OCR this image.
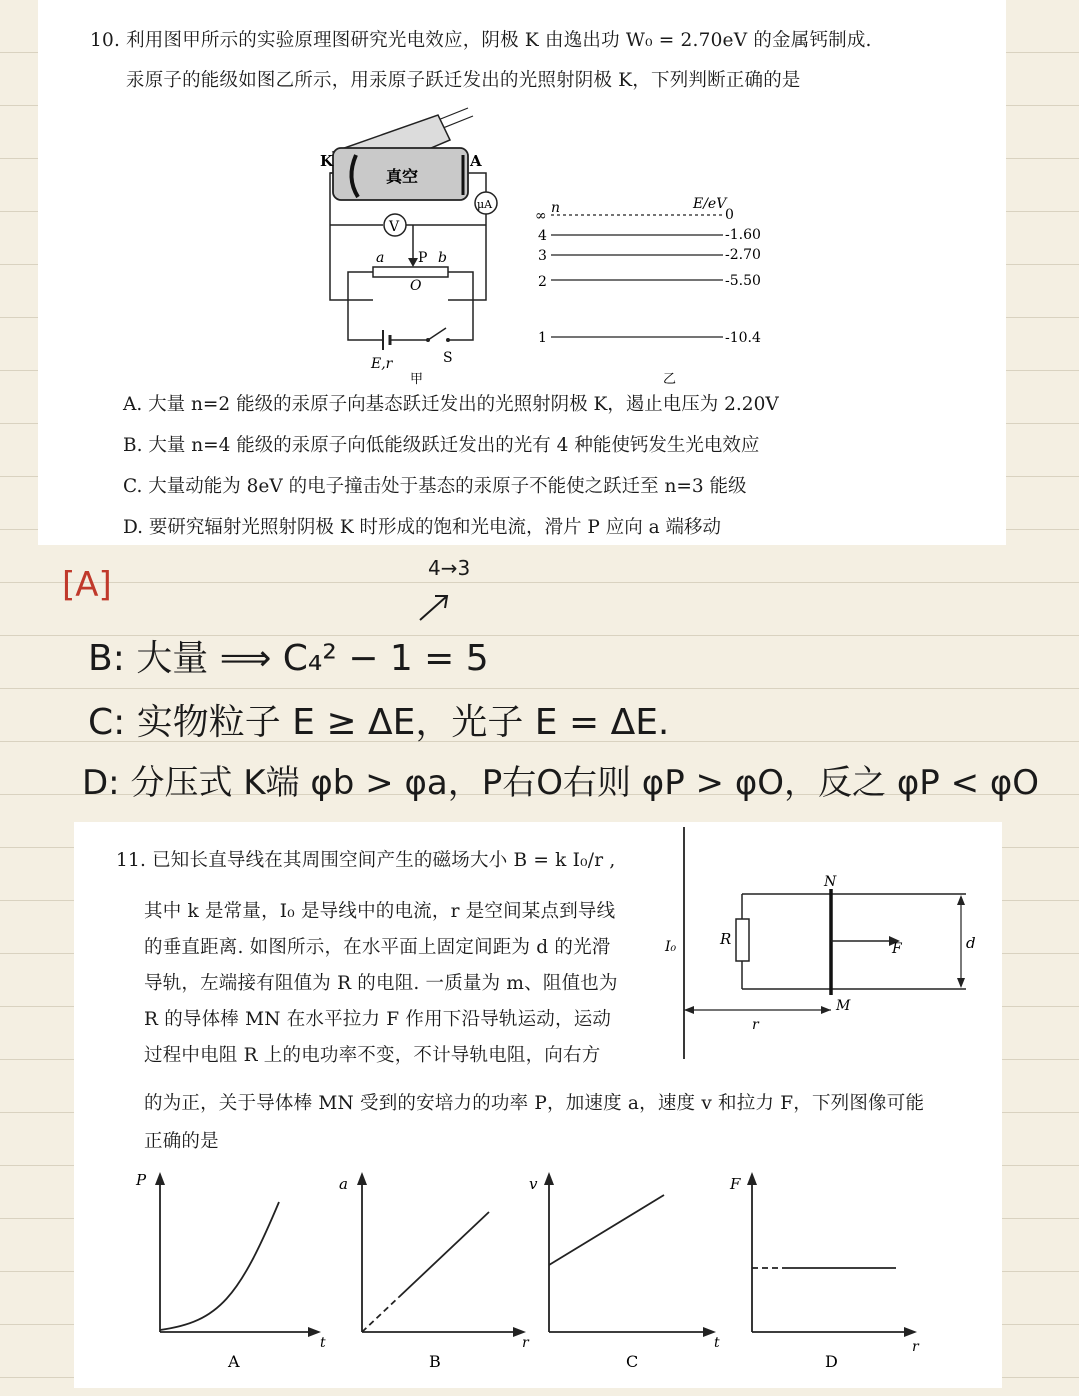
10. 利用图甲所示的实验原理图研究光电效应，阴极 K 由逸出功 W₀ = 2.70eV 的金属钙制成.
汞原子的能级如图乙所示，用汞原子跃迁发出的光照射阴极 K，下列判断正确的是
K	A
真空
μA
V
a P b
O
E,r	S
甲
n	E/eV
∞	0
4	-1.60
3	-2.70
2	-5.50
1	-10.4
乙
A. 大量 n=2 能级的汞原子向基态跃迁发出的光照射阴极 K，遏止电压为 2.20V
B. 大量 n=4 能级的汞原子向低能级跃迁发出的光有 4 种能使钙发生光电效应
C. 大量动能为 8eV 的电子撞击处于基态的汞原子不能使之跃迁至 n=3 能级
D. 要研究辐射光照射阴极 K 时形成的饱和光电流，滑片 P 应向 a 端移动
[A]	4→3
B: 大量 ⟹ C₄² − 1 = 5
C: 实物粒子 E ≥ ΔE，光子 E = ΔE.
D: 分压式 K端 φb > φa，P右O右则 φP > φO，反之 φP < φO
11. 已知长直导线在其周围空间产生的磁场大小 B = k I₀/r ,
其中 k 是常量，I₀ 是导线中的电流，r 是空间某点到导线
的垂直距离. 如图所示，在水平面上固定间距为 d 的光滑
导轨，左端接有阻值为 R 的电阻. 一质量为 m、阻值也为
R 的导体棒 MN 在水平拉力 F 作用下沿导轨运动，运动
过程中电阻 R 上的电功率不变，不计导轨电阻，向右方
的为正，关于导体棒 MN 受到的安培力的功率 P，加速度 a，速度 v 和拉力 F，下列图像可能
正确的是
I₀	R
N
M
F	d
r
P
t
A
a
r
B
v
t
C
F
r
D
